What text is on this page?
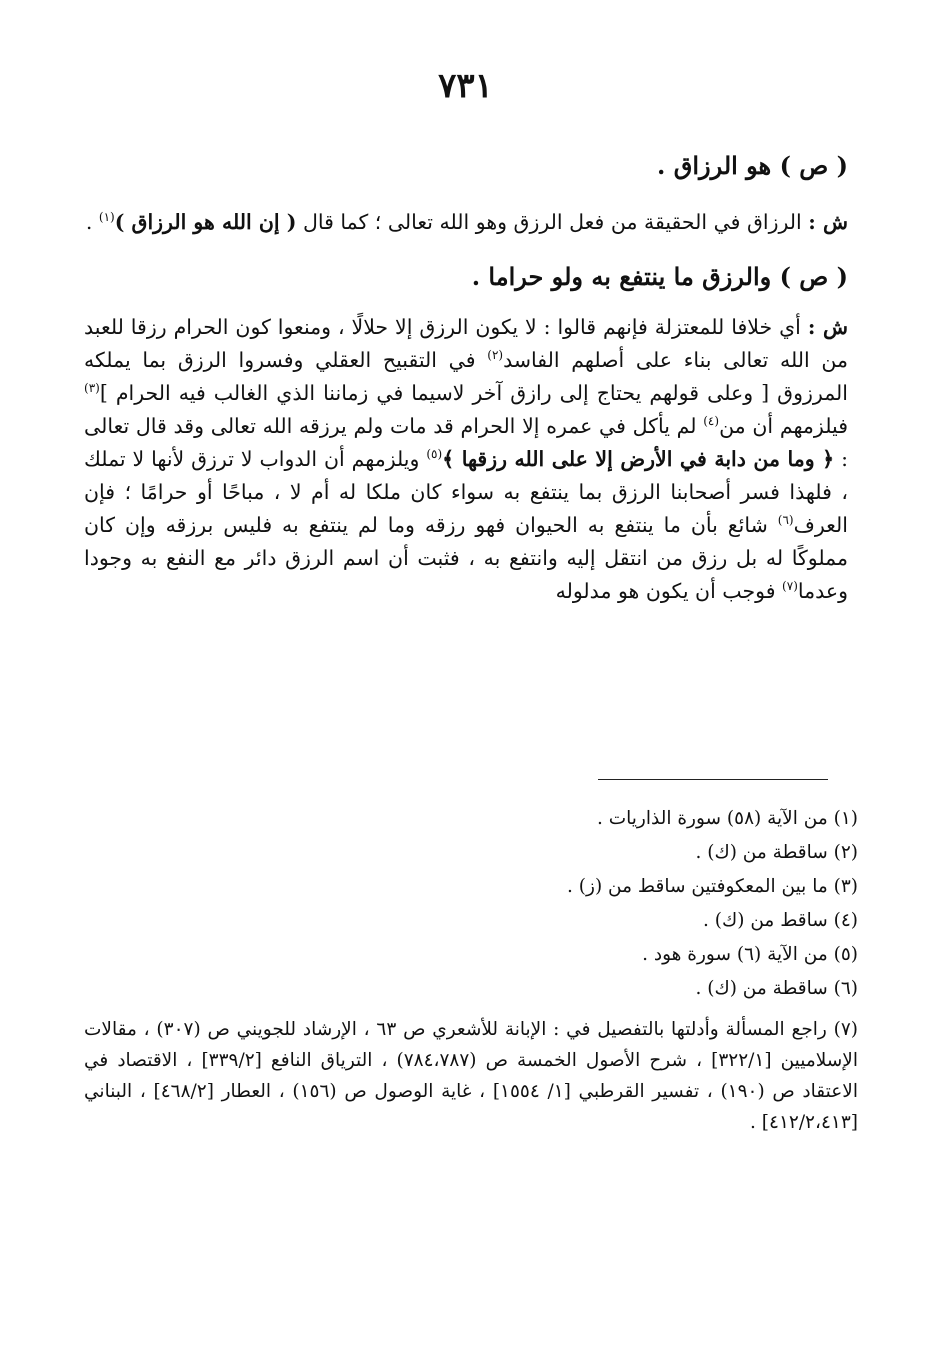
٧٣١

( ص ) هو الرزاق .

ش : الرزاق في الحقيقة من فعل الرزق وهو الله تعالى ؛ كما قال ( إن الله هو الرزاق )$^{(١)}$ .

( ص ) والرزق ما ينتفع به ولو حراما .

ش : أي خلافا للمعتزلة فإنهم قالوا : لا يكون الرزق إلا حلالًا ، ومنعوا كون الحرام رزقا للعبد من الله تعالى بناء على أصلهم الفاسد$^{(٢)}$ في التقبيح العقلي وفسروا الرزق بما يملكه المرزوق [ وعلى قولهم يحتاج إلى رازق آخر لاسيما في زماننا الذي الغالب فيه الحرام ]$^{(٣)}$ فيلزمهم أن من$^{(٤)}$ لم يأكل في عمره إلا الحرام قد مات ولم يرزقه الله تعالى وقد قال تعالى : ﴿ وما من دابة في الأرض إلا على الله رزقها ﴾$^{(٥)}$ ويلزمهم أن الدواب لا ترزق لأنها لا تملك ، فلهذا فسر أصحابنا الرزق بما ينتفع به سواء كان ملكا له أم لا ، مباحًا أو حرامًا ؛ فإن العرف$^{(٦)}$ شائع بأن ما ينتفع به الحيوان فهو رزقه وما لم ينتفع به فليس برزقه وإن كان مملوكًا له بل رزق من انتقل إليه وانتفع به ، فثبت أن اسم الرزق دائر مع النفع به وجودا وعدما$^{(٧)}$ فوجب أن يكون هو مدلوله

(١) من الآية (٥٨) سورة الذاريات .

(٢) ساقطة من (ك) .

(٣) ما بين المعكوفتين ساقط من (ز) .

(٤) ساقط من (ك) .

(٥) من الآية (٦) سورة هود .

(٦) ساقطة من (ك) .

(٧) راجع المسألة وأدلتها بالتفصيل في : الإبانة للأشعري ص ٦٣ ، الإرشاد للجويني ص (٣٠٧) ، مقالات الإسلاميين [٣٢٢/١] ، شرح الأصول الخمسة ص (٧٨٤،٧٨٧) ، الترياق النافع [٣٣٩/٢] ، الاقتصاد في الاعتقاد ص (١٩٠) ، تفسير القرطبي [١/ ١٥٥٤] ، غاية الوصول ص (١٥٦) ، العطار [٤٦٨/٢] ، البناني [٤١٢/٢،٤١٣] .
